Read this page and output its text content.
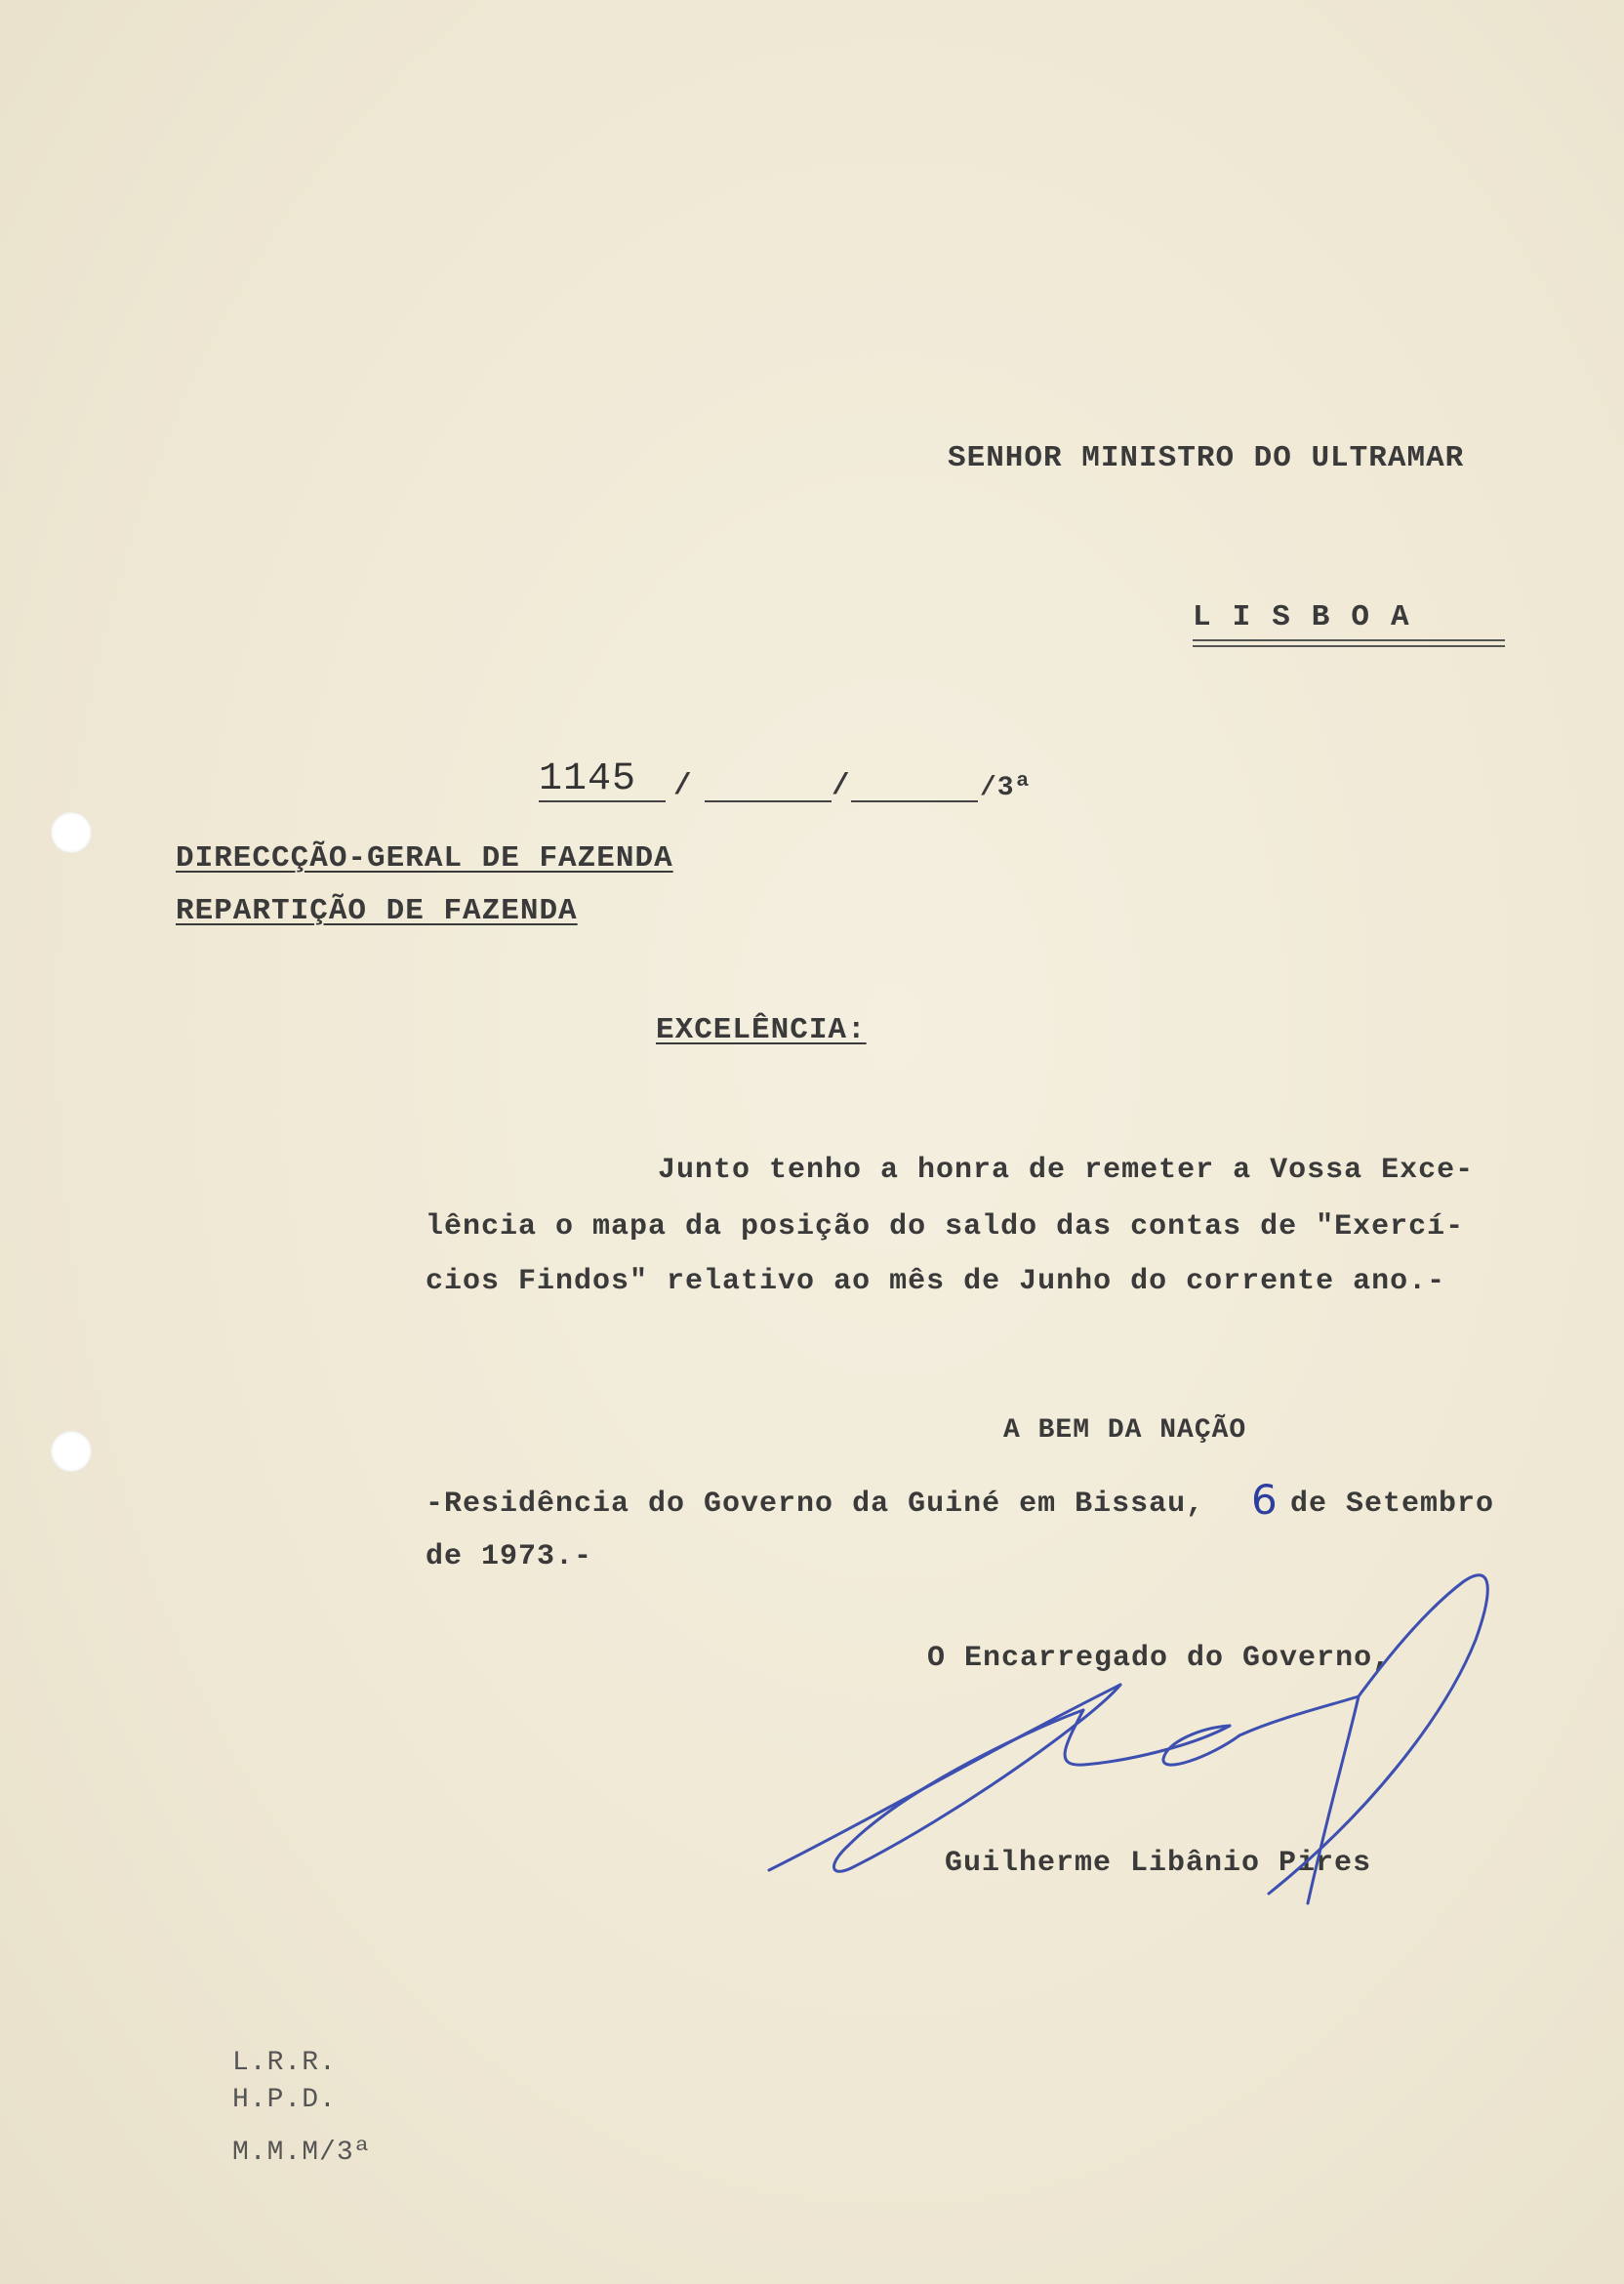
SENHOR MINISTRO DO ULTRAMAR
LISBOA
1145 /	/	/3ª
DIRECCÇÃO-GERAL DE FAZENDA
REPARTIÇÃO DE FAZENDA
EXCELÊNCIA:
Junto tenho a honra de remeter a Vossa Exce-
lência o mapa da posição do saldo das contas de "Exercí-
cios Findos" relativo ao mês de Junho do corrente ano.-
A BEM DA NAÇÃO
-Residência do Governo da Guiné em Bissau, 6 de Setembro
de 1973.-
O Encarregado do Governo,
Guilherme Libânio Pires
L.R.R.
H.P.D.
M.M.M/3ª
